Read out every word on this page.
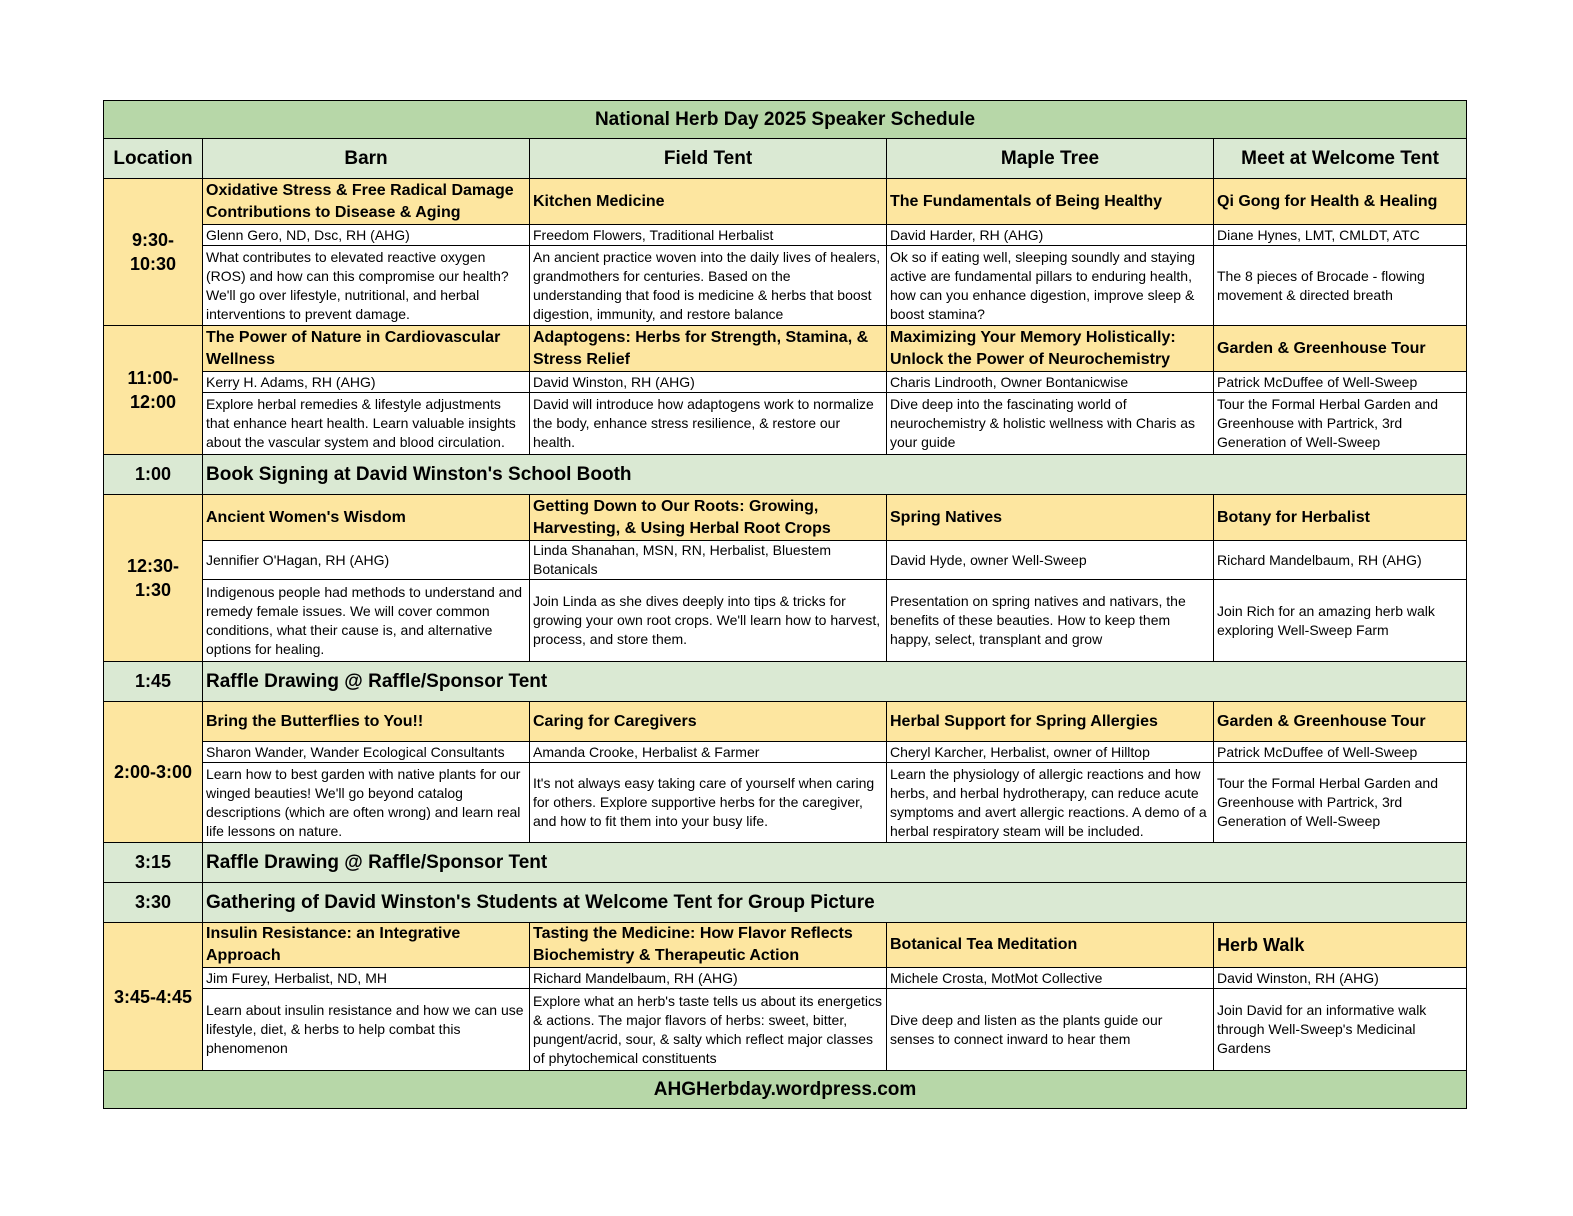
National Herb Day 2025 Speaker Schedule				
Location	Barn	Field Tent	Maple Tree	Meet at Welcome Tent
9:30-
10:30	Oxidative Stress & Free Radical Damage Contributions to Disease & Aging	Kitchen Medicine	The Fundamentals of Being Healthy	Qi Gong for Health & Healing
	Glenn Gero, ND, Dsc, RH (AHG)	Freedom Flowers, Traditional Herbalist	David Harder, RH (AHG)	Diane Hynes, LMT, CMLDT, ATC
	What contributes to elevated reactive oxygen (ROS) and how can this compromise our health? We'll go over lifestyle, nutritional, and herbal interventions to prevent damage.	An ancient practice woven into the daily lives of healers, grandmothers for centuries. Based on the understanding that food is medicine & herbs that boost digestion, immunity, and restore balance	Ok so if eating well, sleeping soundly and staying active are fundamental pillars to enduring health, how can you enhance digestion, improve sleep & boost stamina?	The 8 pieces of Brocade - flowing movement & directed breath
11:00-
12:00	The Power of Nature in Cardiovascular Wellness	Adaptogens: Herbs for Strength, Stamina, & Stress Relief	Maximizing Your Memory Holistically: Unlock the Power of Neurochemistry	Garden & Greenhouse Tour
	Kerry H. Adams, RH (AHG)	David Winston, RH (AHG)	Charis Lindrooth, Owner Bontanicwise	Patrick McDuffee of Well-Sweep
	Explore herbal remedies & lifestyle adjustments that enhance heart health. Learn valuable insights about the vascular system and blood circulation.	David will introduce how adaptogens work to normalize the body, enhance stress resilience, & restore our health.	Dive deep into the fascinating world of neurochemistry & holistic wellness with Charis as your guide	Tour the Formal Herbal Garden and Greenhouse with Partrick, 3rd Generation of Well-Sweep
1:00	Book Signing at David Winston's School Booth			
12:30-
1:30	Ancient Women's Wisdom	Getting Down to Our Roots: Growing, Harvesting, & Using Herbal Root Crops	Spring Natives	Botany for Herbalist
	Jennifier O'Hagan, RH (AHG)	Linda Shanahan, MSN, RN, Herbalist, Bluestem Botanicals	David Hyde, owner Well-Sweep	Richard Mandelbaum, RH (AHG)
	Indigenous people had methods to understand and remedy female issues. We will cover common conditions, what their cause is, and alternative options for healing.	Join Linda as she dives deeply into tips & tricks for growing your own root crops. We'll learn how to harvest, process, and store them.	Presentation on spring natives and nativars, the benefits of these beauties. How to keep them happy, select, transplant and grow	Join Rich for an amazing herb walk exploring Well-Sweep Farm
1:45	Raffle Drawing @ Raffle/Sponsor Tent			
2:00-3:00	Bring the Butterflies to You!!	Caring for Caregivers	Herbal Support for Spring Allergies	Garden & Greenhouse Tour
	Sharon Wander, Wander Ecological Consultants	Amanda Crooke, Herbalist & Farmer	Cheryl Karcher, Herbalist, owner of Hilltop	Patrick McDuffee of Well-Sweep
	Learn how to best garden with native plants for our winged beauties! We'll go beyond catalog descriptions (which are often wrong) and learn real life lessons on nature.	It's not always easy taking care of yourself when caring for others. Explore supportive herbs for the caregiver, and how to fit them into your busy life.	Learn the physiology of allergic reactions and how herbs, and herbal hydrotherapy, can reduce acute symptoms and avert allergic reactions. A demo of a herbal respiratory steam will be included.	Tour the Formal Herbal Garden and Greenhouse with Partrick, 3rd Generation of Well-Sweep
3:15	Raffle Drawing @ Raffle/Sponsor Tent			
3:30	Gathering of David Winston's Students at Welcome Tent for Group Picture			
3:45-4:45	Insulin Resistance: an Integrative Approach	Tasting the Medicine: How Flavor Reflects Biochemistry & Therapeutic Action	Botanical Tea Meditation	Herb Walk
	Jim Furey, Herbalist, ND, MH	Richard Mandelbaum, RH (AHG)	Michele Crosta, MotMot Collective	David Winston, RH (AHG)
	Learn about insulin resistance and how we can use lifestyle, diet, & herbs to help combat this phenomenon	Explore what an herb's taste tells us about its energetics & actions. The major flavors of herbs: sweet, bitter, pungent/acrid, sour, & salty which reflect major classes of phytochemical constituents	Dive deep and listen as the plants guide our senses to connect inward to hear them	Join David for an informative walk through Well-Sweep's Medicinal Gardens
AHGHerbday.wordpress.com				
